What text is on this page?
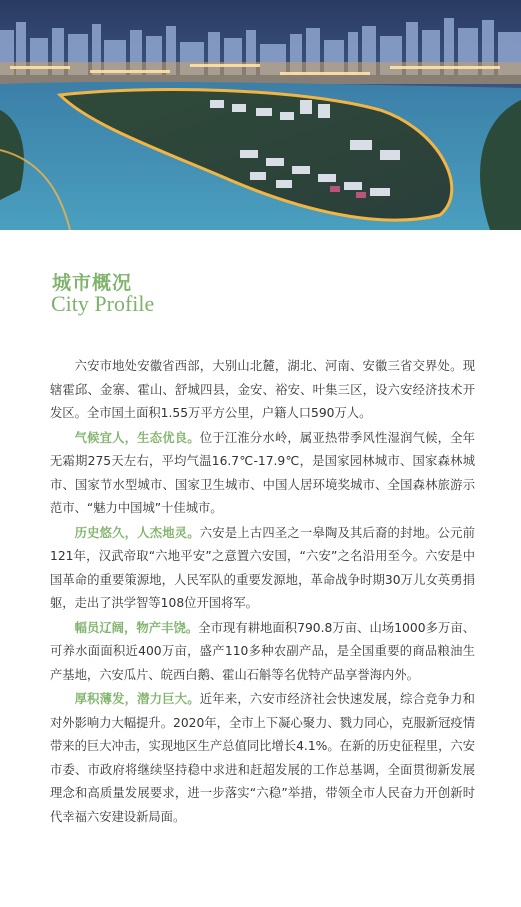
城市概况
City Profile

六安市地处安徽省西部，大别山北麓，湖北、河南、安徽三省交界处。现辖霍邱、金寨、霍山、舒城四县，金安、裕安、叶集三区，设六安经济技术开发区。全市国土面积1.55万平方公里，户籍人口590万人。

气候宜人，生态优良。位于江淮分水岭，属亚热带季风性湿润气候，全年无霜期275天左右，平均气温16.7℃-17.9℃，是国家园林城市、国家森林城市、国家节水型城市、国家卫生城市、中国人居环境奖城市、全国森林旅游示范市、“魅力中国城”十佳城市。

历史悠久，人杰地灵。六安是上古四圣之一皋陶及其后裔的封地。公元前121年，汉武帝取“六地平安”之意置六安国，“六安”之名沿用至今。六安是中国革命的重要策源地，人民军队的重要发源地，革命战争时期30万儿女英勇捐躯，走出了洪学智等108位开国将军。

幅员辽阔，物产丰饶。全市现有耕地面积790.8万亩、山场1000多万亩、可养水面面积近400万亩，盛产110多种农副产品，是全国重要的商品粮油生产基地，六安瓜片、皖西白鹅、霍山石斛等名优特产品享誉海内外。

厚积薄发，潜力巨大。近年来，六安市经济社会快速发展，综合竞争力和对外影响力大幅提升。2020年，全市上下凝心聚力、戮力同心，克服新冠疫情带来的巨大冲击，实现地区生产总值同比增长4.1%。在新的历史征程里，六安市委、市政府将继续坚持稳中求进和赶超发展的工作总基调，全面贯彻新发展理念和高质量发展要求，进一步落实“六稳”举措，带领全市人民奋力开创新时代幸福六安建设新局面。
